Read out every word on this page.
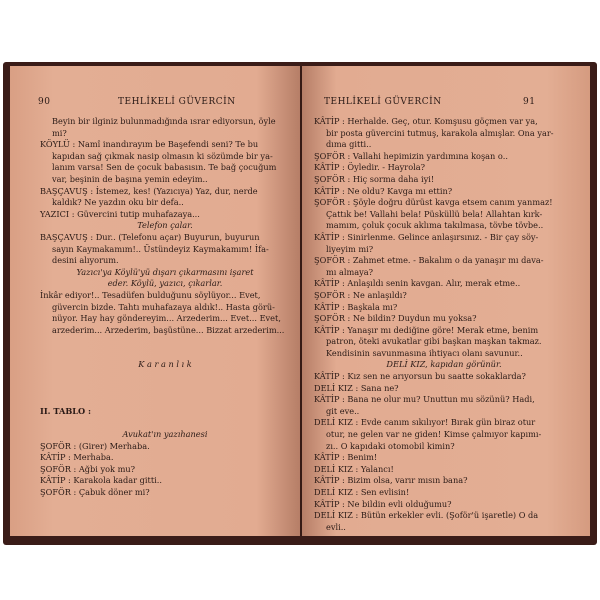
90	TEHLİKELİ GÜVERCİN
Beyin bir ilginiz bulunmadığında ısrar ediyorsun, öyle
mi?
KÖYLÜ : Namî inandırayım be Başefendi seni? Te bu
kapıdan sağ çıkmak nasip olmasın ki sözümde bir ya-
lanım varsa! Sen de çocuk babasısın. Te bağ çocuğum
var, beşinin de başına yemin edeyim..
BAŞÇAVUŞ : İstemez, kes! (Yazıcıya) Yaz, dur, nerde
kaldık? Ne yazdın oku bir defa..
YAZICI : Güvercini tutip muhafazaya...
Telefon çalar.
BAŞÇAVUŞ : Dur.. (Telefonu açar) Buyurun, buyurun
sayın Kaymakamım!.. Üstündeyiz Kaymakamım! İfa-
desini alıyorum.
Yazıcı'ya Köylü'yü dışarı çıkarmasını işaret
eder. Köylü, yazıcı, çıkarlar.
İnkâr ediyor!.. Tesadüfen bulduğunu söylüyor... Evet,
güvercin bizde. Tahtı muhafazaya aldık!.. Hasta görü-
nüyor. Hay hay göndereyim... Arzederim... Evet... Evet,
arzederim... Arzederim, başüstüne... Bizzat arzederim...
K a r a n l ı k
II. TABLO :
Avukat'ın yazıhanesi
ŞOFÖR : (Girer) Merhaba.
KÂTİP : Merhaba.
ŞOFÖR : Ağbi yok mu?
KÂTİP : Karakola kadar gitti..
ŞOFÖR : Çabuk döner mi?
TEHLİKELİ GÜVERCİN	91
KÂTİP : Herhalde. Geç, otur. Komşusu göçmen var ya,
bir posta güvercini tutmuş, karakola almışlar. Ona yar-
dıma gitti..
ŞOFÖR : Vallahi hepimizin yardımına koşan o..
KÂTİP : Öyledir. - Hayrola?
ŞOFÖR : Hiç sorma daha iyi!
KÂTİP : Ne oldu? Kavga mı ettin?
ŞOFÖR : Şöyle doğru dürüst kavga etsem canım yanmaz!
Çattık be! Vallahi bela! Püsküllü bela! Allahtan kırk-
mamım, çoluk çocuk aklıma takılmasa, tövbe tövbe..
KÂTİP : Sinirlenme. Gelince anlaşırsınız. - Bir çay söy-
liyeyim mi?
ŞOFÖR : Zahmet etme. - Bakalım o da yanaşır mı dava-
mı almaya?
KÂTİP : Anlaşıldı senin kavgan. Alır, merak etme..
ŞOFÖR : Ne anlaşıldı?
KÂTİP : Başkala mı?
ŞOFÖR : Ne bildin? Duydun mu yoksa?
KÂTİP : Yanaşır mı dediğine göre! Merak etme, benim
patron, öteki avukatlar gibi başkan maşkan takmaz.
Kendisinin savunmasına ihtiyacı olanı savunur..
DELİ KIZ, kapıdan görünür.
KÂTİP : Kız sen ne arıyorsun bu saatte sokaklarda?
DELİ KIZ : Sana ne?
KÂTİP : Bana ne olur mu? Unuttun mu sözünü? Hadi,
git eve..
DELİ KIZ : Evde canım sıkılıyor! Bırak gün biraz otur
otur, ne gelen var ne giden! Kimse çalmıyor kapımı-
zı.. O kapıdaki otomobil kimin?
KÂTİP : Benim!
DELİ KIZ : Yalancı!
KÂTİP : Bizim olsa, varır mısın bana?
DELİ KIZ : Sen evlisin!
KÂTİP : Ne bildin evli olduğumu?
DELİ KIZ : Bütün erkekler evli. (Şoför'ü işaretle) O da
evli..
